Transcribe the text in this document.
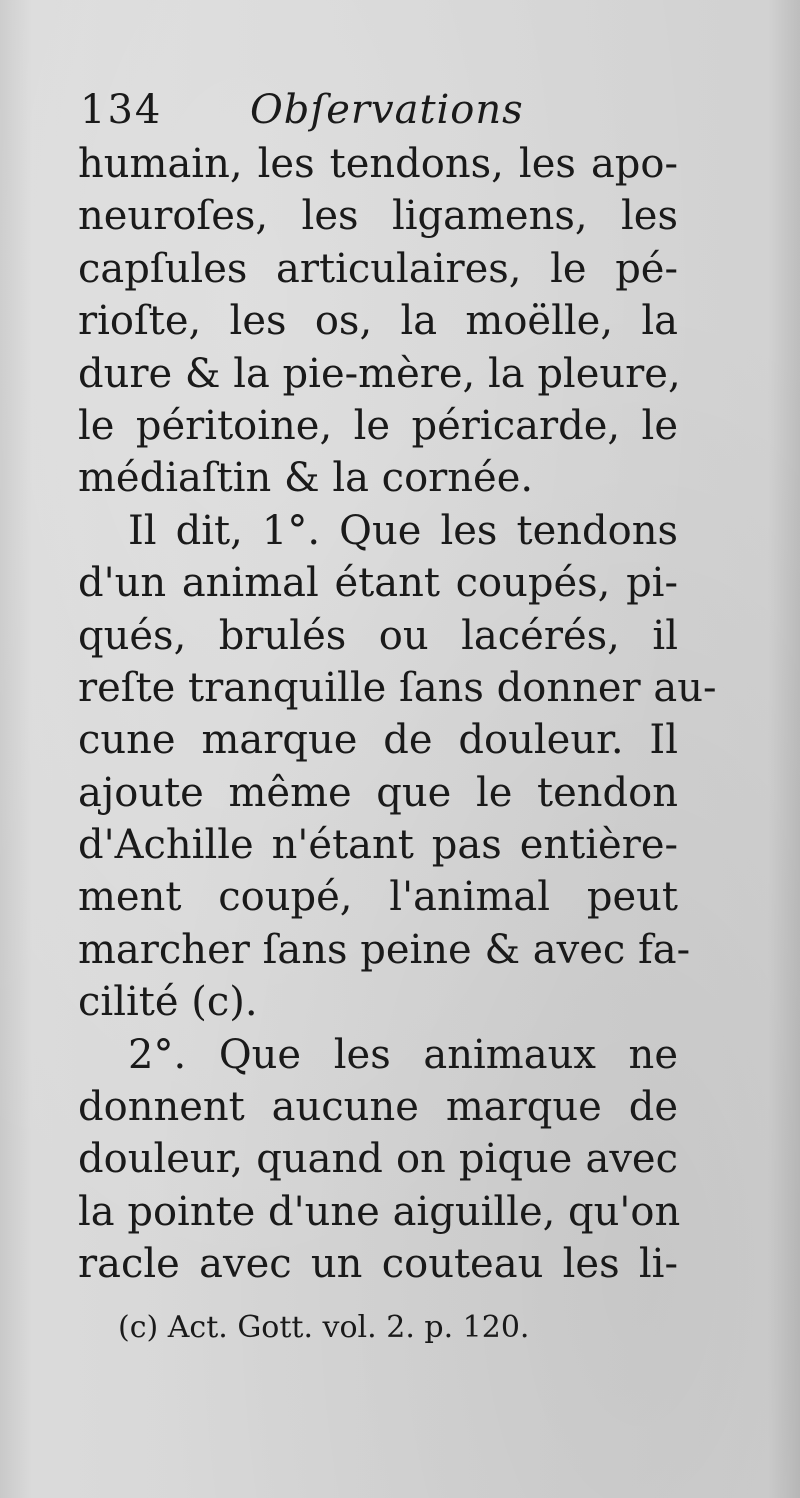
134 Obſervations
humain, les tendons, les apo-
neuroſes, les ligamens, les
capſules articulaires, le pé-
rioſte, les os, la moëlle, la
dure & la pie-mère, la pleure,
le péritoine, le péricarde, le
médiaſtin & la cornée.
Il dit, 1°. Que les tendons
d'un animal étant coupés, pi-
qués, brulés ou lacérés, il
reſte tranquille ſans donner au-
cune marque de douleur. Il
ajoute même que le tendon
d'Achille n'étant pas entière-
ment coupé, l'animal peut
marcher ſans peine & avec fa-
cilité (c).
2°. Que les animaux ne
donnent aucune marque de
douleur, quand on pique avec
la pointe d'une aiguille, qu'on
racle avec un couteau les li-
(c) Act. Gott. vol. 2. p. 120.
